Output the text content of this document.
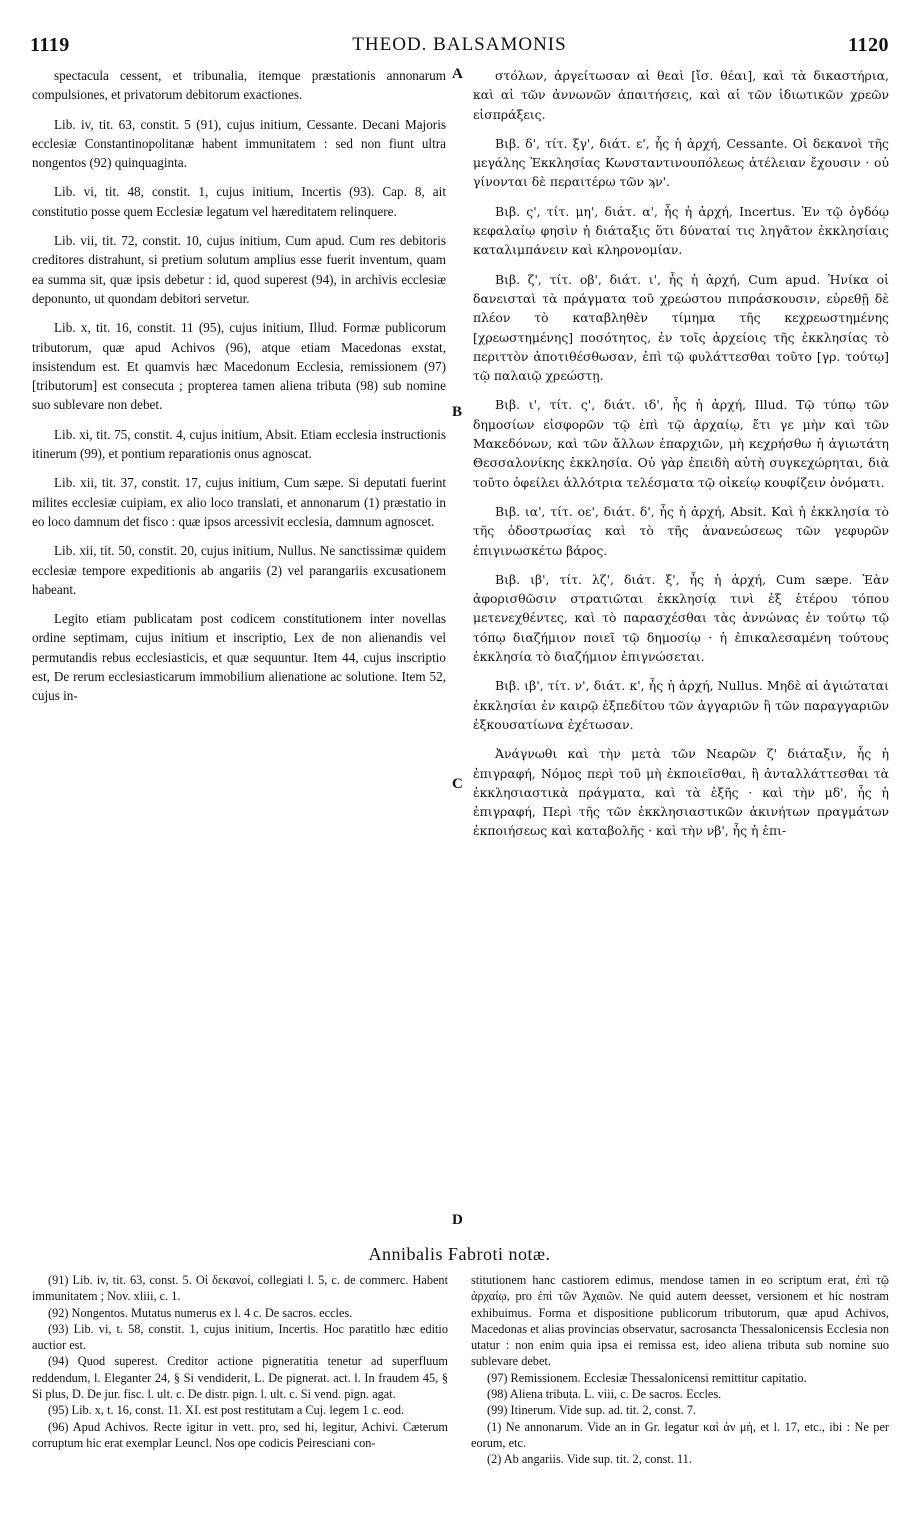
1119	THEOD. BALSAMONIS	1120

spectacula cessent, et tribunalia, itemque præstationis annonarum compulsiones, et privatorum debitorum exactiones.

Lib. iv, tit. 63, constit. 5 (91), cujus initium, Cessante. Decani Majoris ecclesiæ Constantinopolitanæ habent immunitatem : sed non fiunt ultra nongentos (92) quinquaginta.

Lib. vi, tit. 48, constit. 1, cujus initium, Incertis (93). Cap. 8, ait constitutio posse quem Ecclesiæ legatum vel hæreditatem relinquere.

Lib. vii, tit. 72, constit. 10, cujus initium, Cum apud. Cum res debitoris creditores distrahunt, si pretium solutum amplius esse fuerit inventum, quam ea summa sit, quæ ipsis debetur : id, quod superest (94), in archivis ecclesiæ deponunto, ut quondam debitori servetur.

Lib. x, tit. 16, constit. 11 (95), cujus initium, Illud. Formæ publicorum tributorum, quæ apud Achivos (96), atque etiam Macedonas exstat, insistendum est. Et quamvis hæc Macedonum Ecclesia, remissionem (97) [tributorum] est consecuta ; propterea tamen aliena tributa (98) sub nomine suo sublevare non debet.

Lib. xi, tit. 75, constit. 4, cujus initium, Absit. Etiam ecclesia instructionis itinerum (99), et pontium reparationis onus agnoscat.

Lib. xii, tit. 37, constit. 17, cujus initium, Cum sæpe. Si deputati fuerint milites ecclesiæ cuipiam, ex alio loco translati, et annonarum (1) præstatio in eo loco damnum det fisco : quæ ipsos arcessivit ecclesia, damnum agnoscet.

Lib. xii, tit. 50, constit. 20, cujus initium, Nullus. Ne sanctissimæ quidem ecclesiæ tempore expeditionis ab angariis (2) vel parangariis excusationem habeant.

Legito etiam publicatam post codicem constitutionem inter novellas ordine septimam, cujus initium et inscriptio, Lex de non alienandis vel permutandis rebus ecclesiasticis, et quæ sequuntur. Item 44, cujus inscriptio est, De rerum ecclesiasticarum immobilium alienatione ac solutione. Item 52, cujus in-

A
B
C
D

στόλων, ἀργείτωσαν αἱ θεαὶ [ἴσ. θέαι], καὶ τὰ δικαστήρια, καὶ αἱ τῶν ἀννωνῶν ἀπαιτήσεις, καὶ αἱ τῶν ἰδιωτικῶν χρεῶν εἰσπράξεις.

Βιβ. δ', τίτ. ξγ', διάτ. ε', ἧς ἡ ἀρχή, Cessante. Οἱ δεκανοὶ τῆς μεγάλης Ἐκκλησίας Κωνσταντινουπόλεως ἀτέλειαν ἔχουσιν · οὐ γίνονται δὲ περαιτέρω τῶν ϡν'.

Βιβ. ς', τίτ. μη', διάτ. α', ἧς ἡ ἀρχή, Incertus. Ἐν τῷ ὀγδόῳ κεφαλαίῳ φησὶν ἡ διάταξις ὅτι δύναταί τις ληγᾶτον ἐκκλησίαις καταλιμπάνειν καὶ κληρονομίαν.

Βιβ. ζ', τίτ. οβ', διάτ. ι', ἧς ἡ ἀρχή, Cum apud. Ἡνίκα οἱ δανεισταὶ τὰ πράγματα τοῦ χρεώστου πιπράσκουσιν, εὑρεθῇ δὲ πλέον τὸ καταβληθὲν τίμημα τῆς κεχρεωστημένης [χρεωστημένης] ποσότητος, ἐν τοῖς ἀρχείοις τῆς ἐκκλησίας τὸ περιττὸν ἀποτιθέσθωσαν, ἐπὶ τῷ φυλάττεσθαι τοῦτο [γρ. τούτῳ] τῷ παλαιῷ χρεώστῃ.

Βιβ. ι', τίτ. ς', διάτ. ιδ', ἧς ἡ ἀρχή, Illud. Τῷ τύπῳ τῶν δημοσίων εἰσφορῶν τῷ ἐπὶ τῷ ἀρχαίῳ, ἔτι γε μὴν καὶ τῶν Μακεδόνων, καὶ τῶν ἄλλων ἐπαρχιῶν, μὴ κεχρήσθω ἡ ἁγιωτάτη Θεσσαλονίκης ἐκκλησία. Οὐ γὰρ ἐπειδὴ αὐτὴ συγκεχώρηται, διὰ τοῦτο ὀφείλει ἀλλότρια τελέσματα τῷ οἰκείῳ κουφίζειν ὀνόματι.

Βιβ. ια', τίτ. οε', διάτ. δ', ἧς ἡ ἀρχή, Absit. Καὶ ἡ ἐκκλησία τὸ τῆς ὁδοστρωσίας καὶ τὸ τῆς ἀνανεώσεως τῶν γεφυρῶν ἐπιγινωσκέτω βάρος.

Βιβ. ιβ', τίτ. λζ', διάτ. ξ', ἧς ἡ ἀρχή, Cum sæpe. Ἐὰν ἀφορισθῶσιν στρατιῶται ἐκκλησίᾳ τινὶ ἐξ ἑτέρου τόπου μετενεχθέντες, καὶ τὸ παρασχέσθαι τὰς ἀννώνας ἐν τούτῳ τῷ τόπῳ διαζήμιον ποιεῖ τῷ δημοσίῳ · ἡ ἐπικαλεσαμένη τούτους ἐκκλησία τὸ διαζήμιον ἐπιγνώσεται.

Βιβ. ιβ', τίτ. ν', διάτ. κ', ἧς ἡ ἀρχή, Nullus. Μηδὲ αἱ ἁγιώταται ἐκκλησίαι ἐν καιρῷ ἐξπεδίτου τῶν ἀγγαριῶν ἢ τῶν παραγγαριῶν ἐξκουσατίωνα ἐχέτωσαν.

Ἀνάγνωθι καὶ τὴν μετὰ τῶν Νεαρῶν ζ' διάταξιν, ἧς ἡ ἐπιγραφή, Νόμος περὶ τοῦ μὴ ἐκποιεῖσθαι, ἢ ἀνταλλάττεσθαι τὰ ἐκκλησιαστικὰ πράγματα, καὶ τὰ ἑξῆς · καὶ τὴν μδ', ἧς ἡ ἐπιγραφή, Περὶ τῆς τῶν ἐκκλησιαστικῶν ἀκινήτων πραγμάτων ἐκποιήσεως καὶ καταβολῆς · καὶ τὴν νβ', ἧς ἡ ἐπι-

Annibalis Fabroti notæ.

(91) Lib. iv, tit. 63, const. 5. Οἱ δεκανοί, collegiati l. 5, c. de commerc. Habent immunitatem ; Nov. xliii, c. 1.

(92) Nongentos. Mutatus numerus ex l. 4 c. De sacros. eccles.

(93) Lib. vi, t. 58, constit. 1, cujus initium, Incertis. Hoc paratitlo hæc editio auctior est.

(94) Quod superest. Creditor actione pigneratitia tenetur ad superfluum reddendum, l. Eleganter 24, § Si vendiderit, L. De pignerat. act. l. In fraudem 45, § Si plus, D. De jur. fisc. l. ult. c. De distr. pign. l. ult. c. Si vend. pign. agat.

(95) Lib. x, t. 16, const. 11. XI. est post restitutam a Cuj. legem 1 c. eod.

(96) Apud Achivos. Recte igitur in vett. pro, sed hi, legitur, Achivi. Cæterum corruptum hic erat exemplar Leuncl. Nos ope codicis Peiresciani con-

stitutionem hanc castiorem edimus, mendose tamen in eo scriptum erat, ἐπὶ τῷ ἀρχαίῳ, pro ἐπὶ τῶν Ἀχαιῶν. Ne quid autem deesset, versionem et hic nostram exhibuimus. Forma et dispositione publicorum tributorum, quæ apud Achivos, Macedonas et alias provincias observatur, sacrosancta Thessalonicensis Ecclesia non utatur : non enim quia ipsa ei remissa est, ideo aliena tributa sub nomine suo sublevare debet.

(97) Remissionem. Ecclesiæ Thessalonicensi remittitur capitatio.

(98) Aliena tributa. L. viii, c. De sacros. Eccles.

(99) Itinerum. Vide sup. ad. tit. 2, const. 7.

(1) Ne annonarum. Vide an in Gr. legatur καὶ ἀν μὴ, et l. 17, etc., ibi : Ne per eorum, etc.

(2) Ab angariis. Vide sup. tit. 2, const. 11.
